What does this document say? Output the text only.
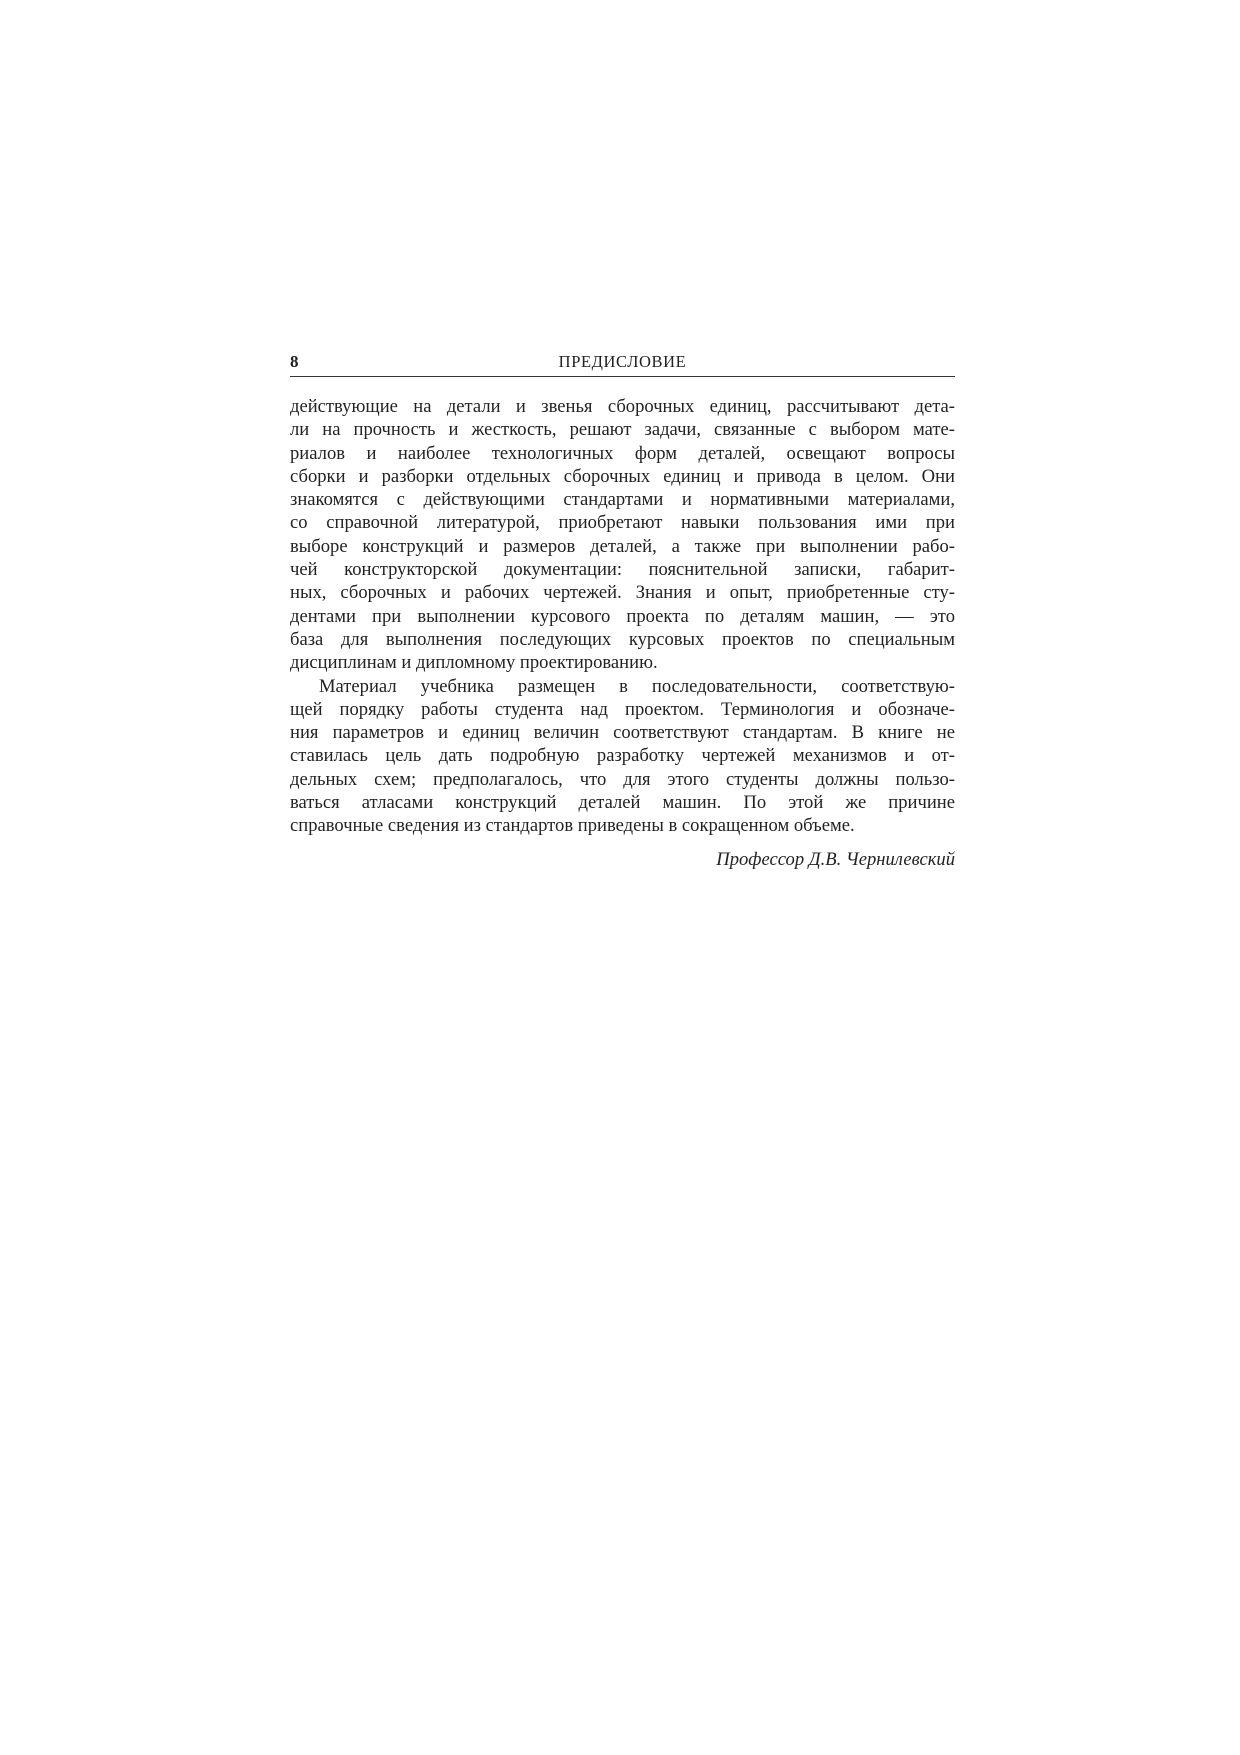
8	ПРЕДИСЛОВИЕ
действующие на детали и звенья сборочных единиц, рассчитывают дета-
ли на прочность и жесткость, решают задачи, связанные с выбором мате-
риалов и наиболее технологичных форм деталей, освещают вопросы
сборки и разборки отдельных сборочных единиц и привода в целом. Они
знакомятся с действующими стандартами и нормативными материалами,
со справочной литературой, приобретают навыки пользования ими при
выборе конструкций и размеров деталей, а также при выполнении рабо-
чей конструкторской документации: пояснительной записки, габарит-
ных, сборочных и рабочих чертежей. Знания и опыт, приобретенные сту-
дентами при выполнении курсового проекта по деталям машин, — это
база для выполнения последующих курсовых проектов по специальным
дисциплинам и дипломному проектированию.
Материал учебника размещен в последовательности, соответствую-
щей порядку работы студента над проектом. Терминология и обозначе-
ния параметров и единиц величин соответствуют стандартам. В книге не
ставилась цель дать подробную разработку чертежей механизмов и от-
дельных схем; предполагалось, что для этого студенты должны пользо-
ваться атласами конструкций деталей машин. По этой же причине
справочные сведения из стандартов приведены в сокращенном объеме.
Профессор Д.В. Чернилевский
